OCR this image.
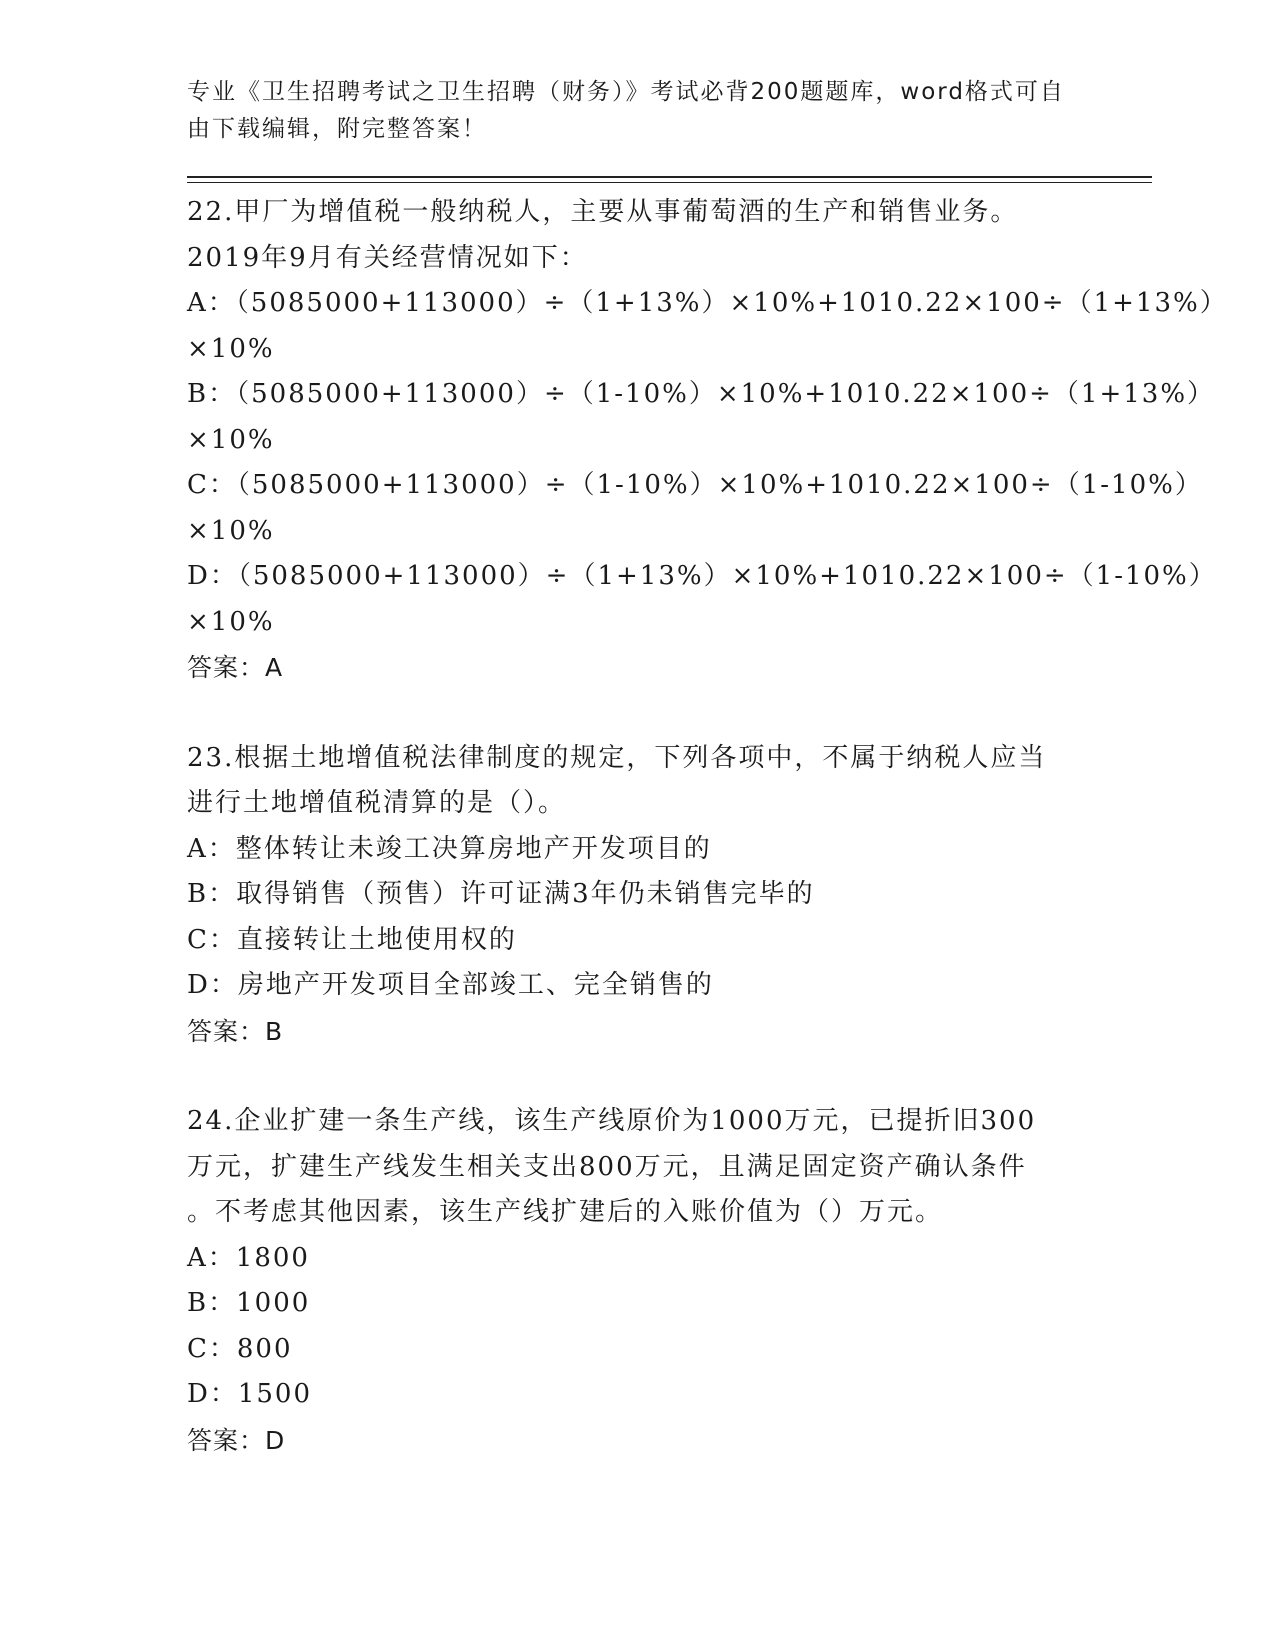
专业《卫生招聘考试之卫生招聘（财务）》考试必背200题题库，word格式可自
由下载编辑，附完整答案！
22.甲厂为增值税一般纳税人，主要从事葡萄酒的生产和销售业务。
2019年9月有关经营情况如下：
A：（5085000+113000）÷（1+13%）×10%+1010.22×100÷（1+13%）
×10%
B：（5085000+113000）÷（1-10%）×10%+1010.22×100÷（1+13%）
×10%
C：（5085000+113000）÷（1-10%）×10%+1010.22×100÷（1-10%）
×10%
D：（5085000+113000）÷（1+13%）×10%+1010.22×100÷（1-10%）
×10%
答案：A
23.根据土地增值税法律制度的规定，下列各项中，不属于纳税人应当
进行土地增值税清算的是（）。
A：整体转让未竣工决算房地产开发项目的
B：取得销售（预售）许可证满3年仍未销售完毕的
C：直接转让土地使用权的
D：房地产开发项目全部竣工、完全销售的
答案：B
24.企业扩建一条生产线，该生产线原价为1000万元，已提折旧300
万元，扩建生产线发生相关支出800万元，且满足固定资产确认条件
。不考虑其他因素，该生产线扩建后的入账价值为（）万元。
A：1800
B：1000
C：800
D：1500
答案：D
